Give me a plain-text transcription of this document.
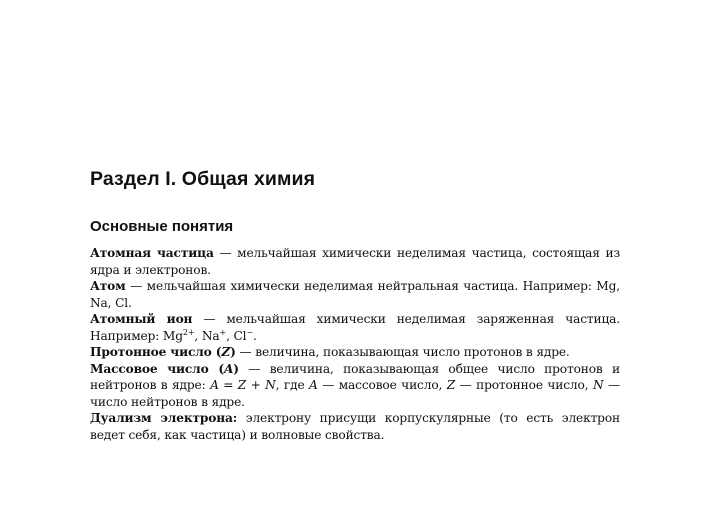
Раздел I. Общая химия
Основные понятия

Атомная частица — мельчайшая химически неделимая частица, состоящая из ядра и электронов.

Атом — мельчайшая химически неделимая нейтральная частица. Например: Mg, Na, Cl.

Атомный ион — мельчайшая химически неделимая заряженная частица. Например: $Mg^{2+}$, Na+, Cl−.

Протонное число (Z) — величина, показывающая число протонов в ядре.

Массовое число (A) — величина, показывающая общее число протонов и нейтронов в ядре: A = Z + N, где A — массовое число, Z — протонное число, N — число нейтронов в ядре.

Дуализм электрона: электрону присущи корпускулярные (то есть электрон ведет себя, как частица) и волновые свойства.
